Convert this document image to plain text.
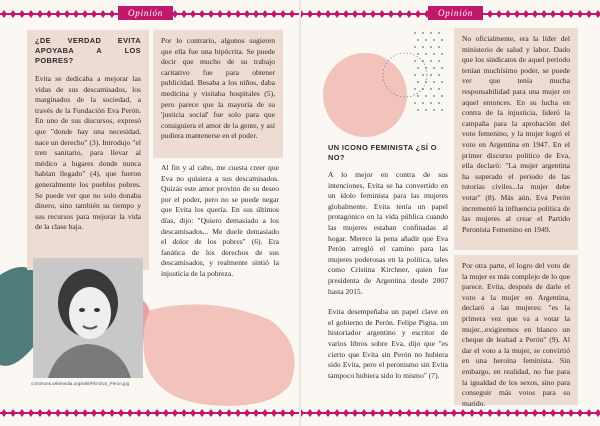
Opinión	Opinión
¿DE VERDAD EVITA APOYABA A LOS POBRES?

Evita se dedicaba a mejorar las vidas de sus descamisados, los marginados de la sociedad, a través de la Fundación Eva Perón. En uno de sus discursos, expresó que "donde hay una necesidad, nace un derecho" (3). Introdujo "el tren sanitario, para llevar al médico a lugares donde nunca habían llegado" (4), que fueron generalmente los pueblos pobres. Se puede ver que no solo donaba dinero, sino también su tiempo y sus recursos para mejorar la vida de la clase baja.

Por lo contrario, algunos sugieren que ella fue una hipócrita. Se puede decir que mucho de su trabajo caritativo fue para obtener publicidad. Besaba a los niños, daba medicina y visitaba hospitales (5), pero parece que la mayoría de su 'justicia social' fue solo para que consiguiera el amor de la gente, y así pudiera mantenerse en el poder.

Al fin y al cabo, me cuesta creer que Eva no quisiera a sus descamisados. Quizás este amor provino de su deseo por el poder, pero no se puede negar que Evita los quería. En sus últimos días, dijo: "Quiero demasiado a los descamisados... Me duele demasiado el dolor de los pobres" (6). Era fanática de los derechos de sus descamisados, y realmente sintió la injusticia de la pobreza.

commons.wikimedia.org/wiki/File:Eva_Peron.jpg
UN ICONO FEMINISTA ¿SÍ O NO?

A lo mejor en contra de sus intenciones, Evita se ha convertido en un ídolo feminista para las mujeres globalmente. Evita tenía un papel protagónico en la vida pública cuando las mujeres estaban confinadas al hogar. Merece la pena añadir que Eva Perón arregló el camino para las mujeres poderosas en la política, tales como Cristina Kirchner, quien fue presidenta de Argentina desde 2007 hasta 2015.

Evita desempeñaba un papel clave en el gobierno de Perón. Felipe Pigna, un historiador argentino y escritor de varios libros sobre Eva, dijo que "es cierto que Evita sin Perón no hubiera sido Evita, pero el peronismo sin Evita tampoco hubiera sido lo mismo" (7).

No oficialmente, era la líder del ministerio de salud y labor. Dado que los sindicatos de aquel periodo tenían muchísimo poder, se puede ver que tenía mucha responsabilidad para una mujer en aquel entonces. En su lucha en contra de la injusticia, lideró la campaña para la aprobación del voto femenino, y la mujer logró el voto en Argentina en 1947. En el primer discurso político de Eva, ella declaró: "La mujer argentina ha superado el periodo de las tutorías civiles...la mujer debe votar" (8). Más aún, Eva Perón incrementó la influencia política de las mujeres al crear el Partido Peronista Femenino en 1949.

Por otra parte, el logro del voto de la mujer es más complejo de lo que parece. Evita, después de darle el voto a la mujer en Argentina, declaró a las mujeres: "es la primera vez que va a votar la mujer...exigiremos en blanco un cheque de lealtad a Perón" (9). Al dar el voto a la mujer, se convirtió en una heroína feminista. Sin embargo, en realidad, no fue para la igualdad de los sexos, sino para conseguir más votos para su marido.
